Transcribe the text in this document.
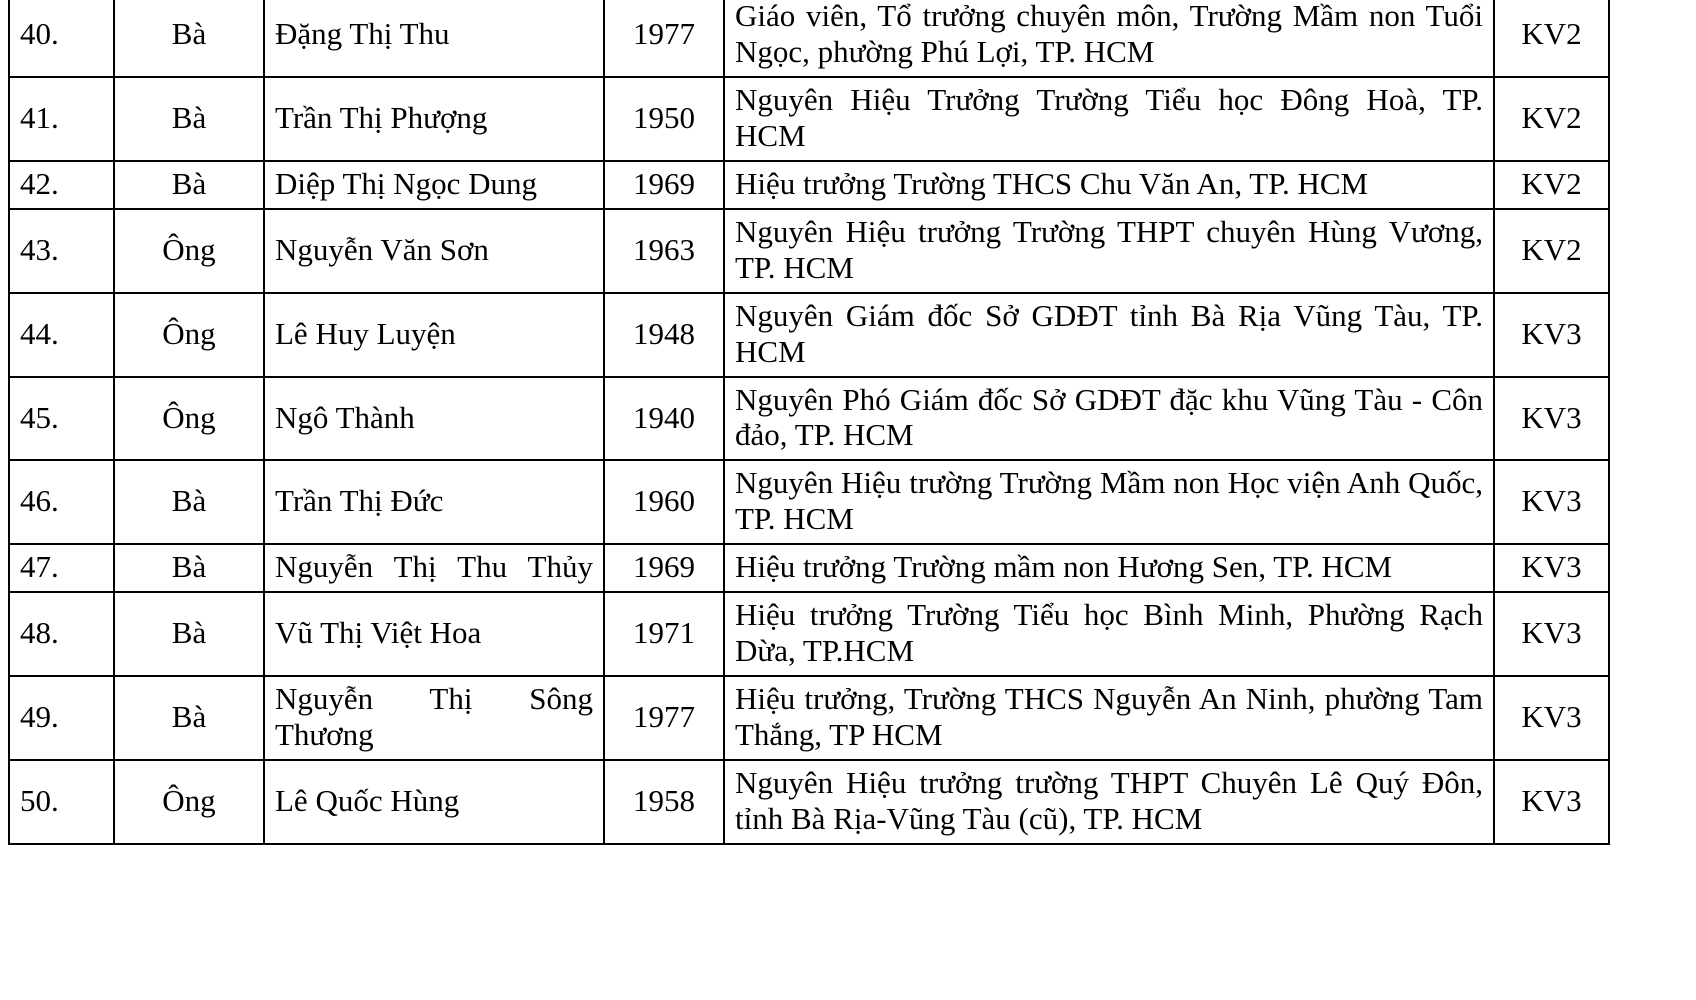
40.	Bà	Đặng Thị Thu	1977	Giáo viên, Tổ trưởng chuyên môn, Trường Mầm non Tuổi Ngọc, phường Phú Lợi, TP. HCM	KV2
41.	Bà	Trần Thị Phượng	1950	Nguyên Hiệu Trưởng Trường Tiểu học Đông Hoà, TP. HCM	KV2
42.	Bà	Diệp Thị Ngọc Dung	1969	Hiệu trưởng Trường THCS Chu Văn An, TP. HCM	KV2
43.	Ông	Nguyễn Văn Sơn	1963	Nguyên Hiệu trưởng Trường THPT chuyên Hùng Vương, TP. HCM	KV2
44.	Ông	Lê Huy Luyện	1948	Nguyên Giám đốc Sở GDĐT tỉnh Bà Rịa Vũng Tàu, TP. HCM	KV3
45.	Ông	Ngô Thành	1940	Nguyên Phó Giám đốc Sở GDĐT đặc khu Vũng Tàu - Côn đảo, TP. HCM	KV3
46.	Bà	Trần Thị Đức	1960	Nguyên Hiệu trường Trường Mầm non Học viện Anh Quốc, TP. HCM	KV3
47.	Bà	Nguyễn Thị Thu Thủy	1969	Hiệu trưởng Trường mầm non Hương Sen, TP. HCM	KV3
48.	Bà	Vũ Thị Việt Hoa	1971	Hiệu trưởng Trường Tiểu học Bình Minh, Phường Rạch Dừa, TP.HCM	KV3
49.	Bà	Nguyễn Thị Sông Thương	1977	Hiệu trưởng, Trường THCS Nguyễn An Ninh, phường Tam Thắng, TP HCM	KV3
50.	Ông	Lê Quốc Hùng	1958	Nguyên Hiệu trưởng trường THPT Chuyên Lê Quý Đôn, tỉnh Bà Rịa-Vũng Tàu (cũ), TP. HCM	KV3
